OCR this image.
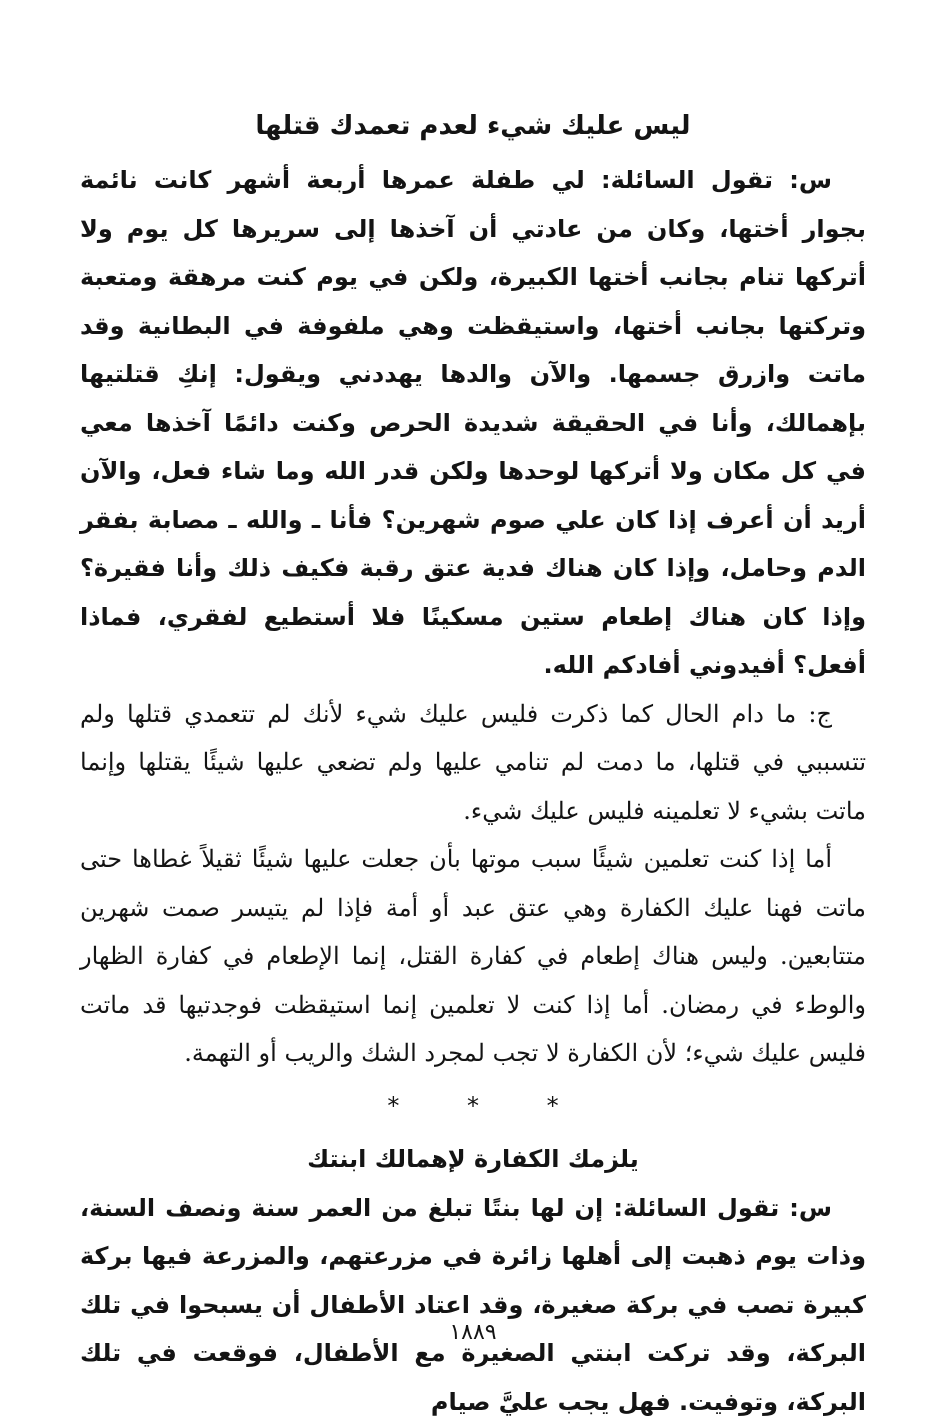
ليس عليك شيء لعدم تعمدك قتلها

س: تقول السائلة: لي طفلة عمرها أربعة أشهر كانت نائمة بجوار أختها، وكان من عادتي أن آخذها إلى سريرها كل يوم ولا أتركها تنام بجانب أختها الكبيرة، ولكن في يوم كنت مرهقة ومتعبة وتركتها بجانب أختها، واستيقظت وهي ملفوفة في البطانية وقد ماتت وازرق جسمها. والآن والدها يهددني ويقول: إنكِ قتلتيها بإهمالك، وأنا في الحقيقة شديدة الحرص وكنت دائمًا آخذها معي في كل مكان ولا أتركها لوحدها ولكن قدر الله وما شاء فعل، والآن أريد أن أعرف إذا كان علي صوم شهرين؟ فأنا ـ والله ـ مصابة بفقر الدم وحامل، وإذا كان هناك فدية عتق رقبة فكيف ذلك وأنا فقيرة؟ وإذا كان هناك إطعام ستين مسكينًا فلا أستطيع لفقري، فماذا أفعل؟ أفيدوني أفادكم الله.

ج: ما دام الحال كما ذكرت فليس عليك شيء لأنك لم تتعمدي قتلها ولم تتسببي في قتلها، ما دمت لم تنامي عليها ولم تضعي عليها شيئًا يقتلها وإنما ماتت بشيء لا تعلمينه فليس عليك شيء.

أما إذا كنت تعلمين شيئًا سبب موتها بأن جعلت عليها شيئًا ثقيلاً غطاها حتى ماتت فهنا عليك الكفارة وهي عتق عبد أو أمة فإذا لم يتيسر صمت شهرين متتابعين. وليس هناك إطعام في كفارة القتل، إنما الإطعام في كفارة الظهار والوطء في رمضان. أما إذا كنت لا تعلمين إنما استيقظت فوجدتيها قد ماتت فليس عليك شيء؛ لأن الكفارة لا تجب لمجرد الشك والريب أو التهمة.

*	*	*
يلزمك الكفارة لإهمالك ابنتك

س: تقول السائلة: إن لها بنتًا تبلغ من العمر سنة ونصف السنة، وذات يوم ذهبت إلى أهلها زائرة في مزرعتهم، والمزرعة فيها بركة كبيرة تصب في بركة صغيرة، وقد اعتاد الأطفال أن يسبحوا في تلك البركة، وقد تركت ابنتي الصغيرة مع الأطفال، فوقعت في تلك البركة، وتوفيت. فهل يجب عليَّ صيام

١٨٨٩
